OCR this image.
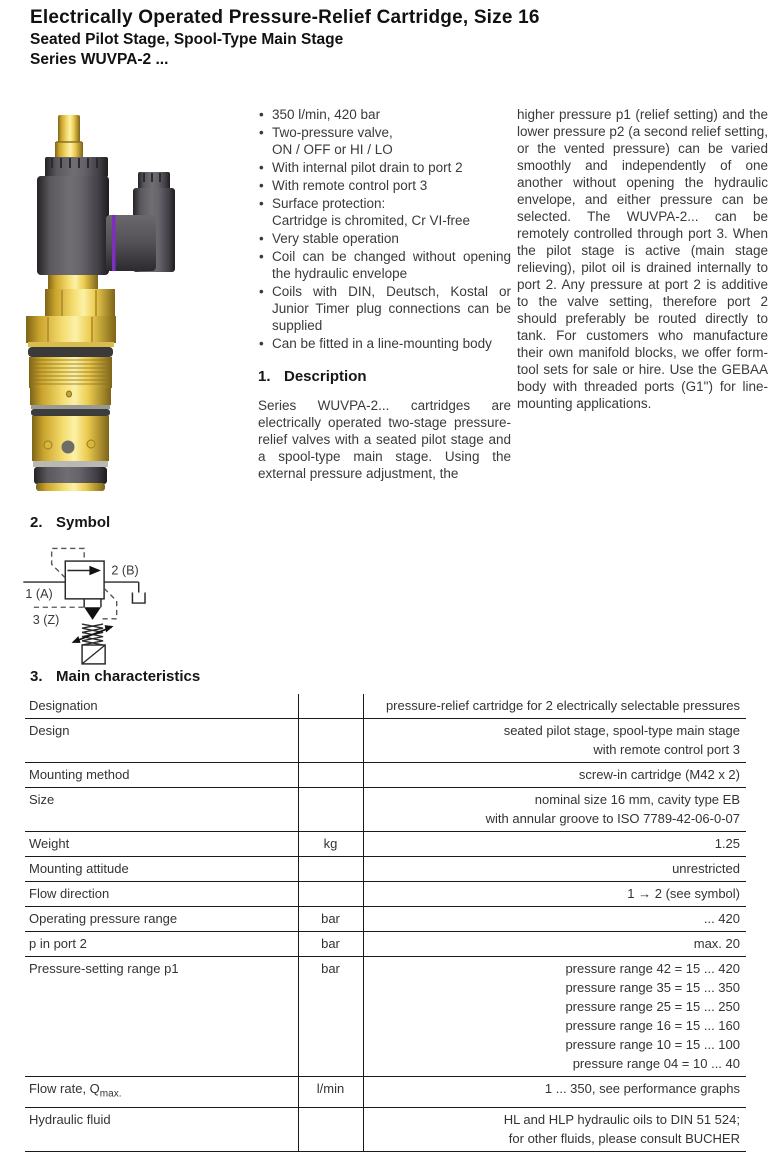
Electrically Operated Pressure-Relief Cartridge, Size 16
Seated Pilot Stage, Spool-Type Main Stage
Series WUVPA-2 ...
• 350 l/min, 420 bar
• Two-pressure valve,
ON / OFF or HI / LO
• With internal pilot drain to port 2
• With remote control port 3
• Surface protection:
Cartridge is chromited, Cr VI-free
• Very stable operation
• Coil can be changed without opening the hydraulic envelope
• Coils with DIN, Deutsch, Kostal or Junior Timer plug connections can be supplied
• Can be fitted in a line-mounting body
1. Description

Series WUVPA-2... cartridges are electrically operated two-stage pressure-relief valves with a seated pilot stage and a spool-type main stage. Using the external pressure adjustment, the

higher pressure p1 (relief setting) and the lower pressure p2 (a second relief setting, or the vented pressure) can be varied smoothly and independently of one another without opening the hydraulic envelope, and either pressure can be selected. The WUVPA-2... can be remotely controlled through port 3. When the pilot stage is active (main stage relieving), pilot oil is drained internally to port 2. Any pressure at port 2 is additive to the valve setting, therefore port 2 should preferably be routed directly to tank. For customers who manufacture their own manifold blocks, we offer form-tool sets for sale or hire. Use the GEBAA body with threaded ports (G1") for line-mounting applications.
2. Symbol
1 (A)
2 (B)
3 (Z)
3. Main characteristics
Designation		pressure-relief cartridge for 2 electrically selectable pressures
Design		seated pilot stage, spool-type main stage
with remote control port 3
Mounting method		screw-in cartridge (M42 x 2)
Size		nominal size 16 mm, cavity type EB
with annular groove to ISO 7789-42-06-0-07
Weight	kg	1.25
Mounting attitude		unrestricted
Flow direction		1 → 2 (see symbol)
Operating pressure range	bar	... 420
p in port 2	bar	max. 20
Pressure-setting range p1	bar	pressure range 42 = 15 ... 420
pressure range 35 = 15 ... 350
pressure range 25 = 15 ... 250
pressure range 16 = 15 ... 160
pressure range 10 = 15 ... 100
pressure range 04 = 10 ... 40
Flow rate, $Q_{max.}$	l/min	1 ... 350, see performance graphs
Hydraulic fluid		HL and HLP hydraulic oils to DIN 51 524;
for other fluids, please consult BUCHER
